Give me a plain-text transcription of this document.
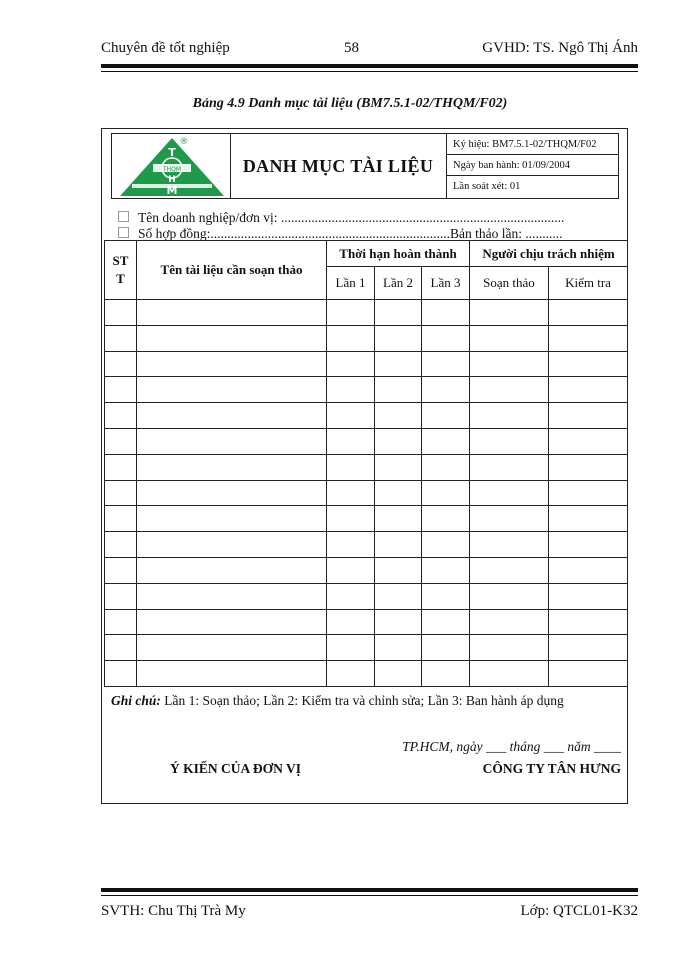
Chuyên đề tốt nghiệp	58	GVHD: TS. Ngô Thị Ánh
Bảng 4.9 Danh mục tài liệu (BM7.5.1-02/THQM/F02)
THQM
T
M
H
®
DANH MỤC TÀI LIỆU
Ký hiệu: BM7.5.1-02/THQM/F02
Ngày ban hành: 01/09/2004
Lần soát xét: 01
Tên doanh nghiệp/đơn vị: ....................................................................................
Số hợp đồng:.......................................................................Bản thảo lần: ...........
ST
T	Tên tài liệu cần soạn thảo	Thời hạn hoàn thành			Người chịu trách nhiệm	
		Lần 1	Lần 2	Lần 3	Soạn thảo	Kiểm tra

Ghi chú: Lần 1: Soạn thảo; Lần 2: Kiểm tra và chỉnh sửa; Lần 3: Ban hành áp dụng
TP.HCM, ngày ___ tháng ___ năm ____
Ý KIẾN CỦA ĐƠN VỊ	CÔNG TY TÂN HƯNG
SVTH: Chu Thị Trà My	Lớp: QTCL01-K32
